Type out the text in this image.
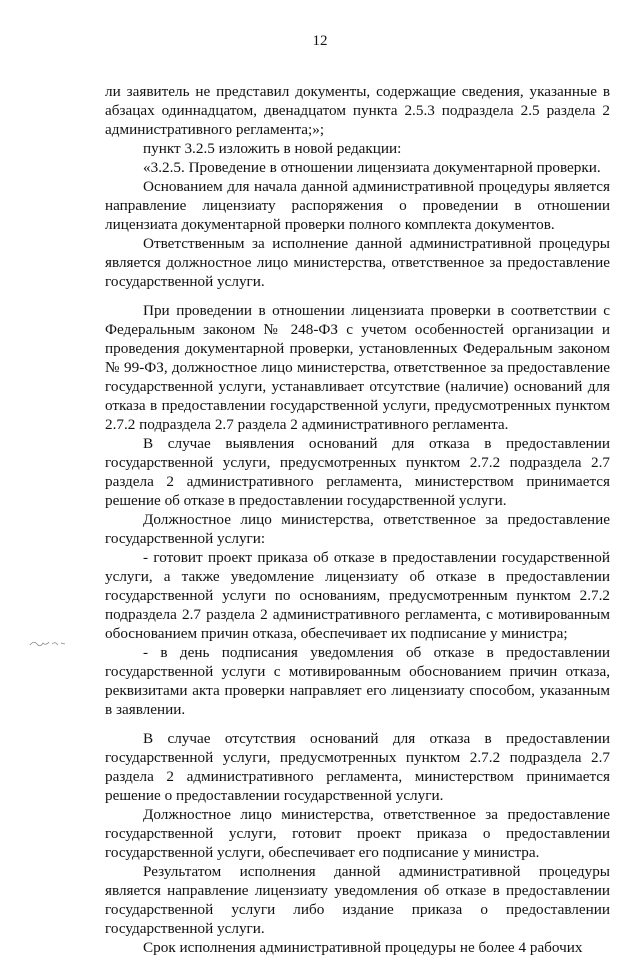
12

ли заявитель не представил документы, содержащие сведения, указанные в абзацах одиннадцатом, двенадцатом пункта 2.5.3 подраздела 2.5 раздела 2 административного регламента;»;

пункт 3.2.5 изложить в новой редакции:

«3.2.5. Проведение в отношении лицензиата документарной проверки.

Основанием для начала данной административной процедуры является направление лицензиату распоряжения о проведении в отношении лицензиата документарной проверки полного комплекта документов.

Ответственным за исполнение данной административной процедуры является должностное лицо министерства, ответственное за предоставление государственной услуги.

При проведении в отношении лицензиата проверки в соответствии с Федеральным законом № 248-ФЗ с учетом особенностей организации и проведения документарной проверки, установленных Федеральным законом № 99-ФЗ, должностное лицо министерства, ответственное за предоставление государственной услуги, устанавливает отсутствие (наличие) оснований для отказа в предоставлении государственной услуги, предусмотренных пунктом 2.7.2 подраздела 2.7 раздела 2 административного регламента.

В случае выявления оснований для отказа в предоставлении государственной услуги, предусмотренных пунктом 2.7.2 подраздела 2.7 раздела 2 административного регламента, министерством принимается решение об отказе в предоставлении государственной услуги.

Должностное лицо министерства, ответственное за предоставление государственной услуги:

- готовит проект приказа об отказе в предоставлении государственной услуги, а также уведомление лицензиату об отказе в предоставлении государственной услуги по основаниям, предусмотренным пунктом 2.7.2 подраздела 2.7 раздела 2 административного регламента, с мотивированным обоснованием причин отказа, обеспечивает их подписание у министра;

- в день подписания уведомления об отказе в предоставлении государственной услуги с мотивированным обоснованием причин отказа, реквизитами акта проверки направляет его лицензиату способом, указанным в заявлении.

В случае отсутствия оснований для отказа в предоставлении государственной услуги, предусмотренных пунктом 2.7.2 подраздела 2.7 раздела 2 административного регламента, министерством принимается решение о предоставлении государственной услуги.

Должностное лицо министерства, ответственное за предоставление государственной услуги, готовит проект приказа о предоставлении государственной услуги, обеспечивает его подписание у министра.

Результатом исполнения данной административной процедуры является направление лицензиату уведомления об отказе в предоставлении государственной услуги либо издание приказа о предоставлении государственной услуги.

Срок исполнения административной процедуры не более 4 рабочих
